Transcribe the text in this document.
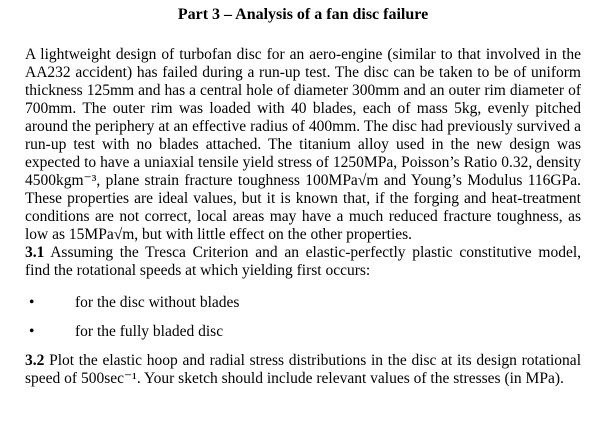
Part 3 – Analysis of a fan disc failure

A lightweight design of turbofan disc for an aero-engine (similar to that involved in the AA232 accident) has failed during a run-up test. The disc can be taken to be of uniform thickness 125mm and has a central hole of diameter 300mm and an outer rim diameter of 700mm. The outer rim was loaded with 40 blades, each of mass 5kg, evenly pitched around the periphery at an effective radius of 400mm. The disc had previously survived a run-up test with no blades attached. The titanium alloy used in the new design was expected to have a uniaxial tensile yield stress of 1250MPa, Poisson’s Ratio 0.32, density 4500kgm⁻³, plane strain fracture toughness 100MPa√m and Young’s Modulus 116GPa. These properties are ideal values, but it is known that, if the forging and heat-treatment conditions are not correct, local areas may have a much reduced fracture toughness, as low as 15MPa√m, but with little effect on the other properties.

3.1 Assuming the Tresca Criterion and an elastic-perfectly plastic constitutive model, find the rotational speeds at which yielding first occurs:

•	for the disc without blades
•	for the fully bladed disc

3.2 Plot the elastic hoop and radial stress distributions in the disc at its design rotational speed of 500sec⁻¹. Your sketch should include relevant values of the stresses (in MPa).
